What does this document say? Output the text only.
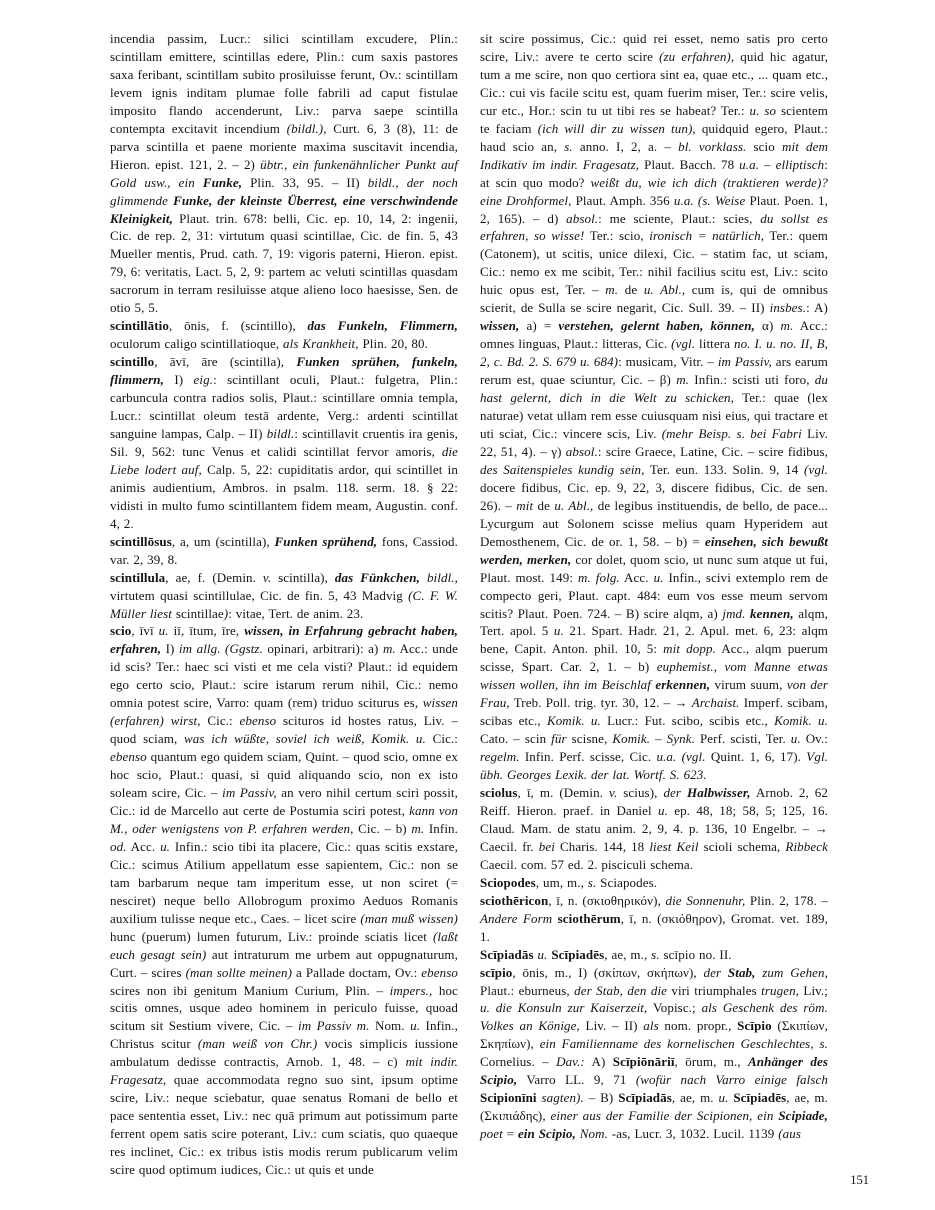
incendia passim, Lucr.: silici scintillam excudere, Plin.: scintillam emittere, scintillas edere, Plin.: cum saxis pastores saxa feribant, scintillam subito prosiluisse ferunt, Ov.: scintillam levem ignis inditam plumae folle fabrili ad caput fistulae imposito flando accenderunt, Liv.: parva saepe scintilla contempta excitavit incendium (bildl.), Curt. 6, 3 (8), 11: de parva scintilla et paene moriente maxima suscitavit incendia, Hieron. epist. 121, 2. – 2) übtr., ein funkenähnlicher Punkt auf Gold usw., ein Funke, Plin. 33, 95. – II) bildl., der noch glimmende Funke, der kleinste Überrest, eine verschwindende Kleinigkeit, Plaut. trin. 678: belli, Cic. ep. 10, 14, 2: ingenii, Cic. de rep. 2, 31: virtutum quasi scintillae, Cic. de fin. 5, 43 Mueller mentis, Prud. cath. 7, 19: vigoris paterni, Hieron. epist. 79, 6: veritatis, Lact. 5, 2, 9: partem ac veluti scintillas quasdam sacrorum in terram resiluisse atque alieno loco haesisse, Sen. de otio 5, 5.

scintillātio, ōnis, f. (scintillo), das Funkeln, Flimmern, oculorum caligo scintillatioque, als Krankheit, Plin. 20, 80.

scintillo, āvī, āre (scintilla), Funken sprühen, funkeln, flimmern, I) eig.: scintillant oculi, Plaut.: fulgetra, Plin.: carbuncula contra radios solis, Plaut.: scintillare omnia templa, Lucr.: scintillat oleum testā ardente, Verg.: ardenti scintillat sanguine lampas, Calp. – II) bildl.: scintillavit cruentis ira genis, Sil. 9, 562: tunc Venus et calidi scintillat fervor amoris, die Liebe lodert auf, Calp. 5, 22: cupiditatis ardor, qui scintillet in animis audientium, Ambros. in psalm. 118. serm. 18. § 22: vidisti in multo fumo scintillantem fidem meam, Augustin. conf. 4, 2.

scintillōsus, a, um (scintilla), Funken sprühend, fons, Cassiod. var. 2, 39, 8.

scintillula, ae, f. (Demin. v. scintilla), das Fünkchen, bildl., virtutem quasi scintillulae, Cic. de fin. 5, 43 Madvig (C. F. W. Müller liest scintillae): vitae, Tert. de anim. 23.

scio, īvī u. iī, ītum, īre, wissen, in Erfahrung gebracht haben, erfahren, I) im allg. (Ggstz. opinari, arbitrari): a) m. Acc.: unde id scis? Ter.: haec sci visti et me cela visti? Plaut.: id equidem ego certo scio, Plaut.: scire istarum rerum nihil, Cic.: nemo omnia potest scire, Varro: quam (rem) triduo sciturus es, wissen (erfahren) wirst, Cic.: ebenso scituros id hostes ratus, Liv. – quod sciam, was ich wüßte, soviel ich weiß, Komik. u. Cic.: ebenso quantum ego quidem sciam, Quint. – quod scio, omne ex hoc scio, Plaut.: quasi, si quid aliquando scio, non ex isto soleam scire, Cic. – im Passiv, an vero nihil certum sciri possit, Cic.: id de Marcello aut certe de Postumia sciri potest, kann von M., oder wenigstens von P. erfahren werden, Cic. – b) m. Infin. od. Acc. u. Infin.: scio tibi ita placere, Cic.: quas scitis exstare, Cic.: scimus Atilium appellatum esse sapientem, Cic.: non se tam barbarum neque tam imperitum esse, ut non sciret (= nesciret) neque bello Allobrogum proximo Aeduos Romanis auxilium tulisse neque etc., Caes. – licet scire (man muß wissen) hunc (puerum) lumen futurum, Liv.: proinde sciatis licet (laßt euch gesagt sein) aut intraturum me urbem aut oppugnaturum, Curt. – scires (man sollte meinen) a Pallade doctam, Ov.: ebenso scires non ibi genitum Manium Curium, Plin. – impers., hoc scitis omnes, usque adeo hominem in periculo fuisse, quoad scitum sit Sestium vivere, Cic. – im Passiv m. Nom. u. Infin., Christus scitur (man weiß von Chr.) vocis simplicis iussione ambulatum dedisse contractis, Arnob. 1, 48. – c) mit indir. Fragesatz, quae accommodata regno suo sint, ipsum optime scire, Liv.: neque sciebatur, quae senatus Romani de bello et pace sententia esset, Liv.: nec quā primum aut potissimum parte ferrent opem satis scire poterant, Liv.: cum sciatis, quo quaeque res inclinet, Cic.: ex tribus istis modis rerum publicarum velim scire quod optimum iudices, Cic.: ut quis et unde

sit scire possimus, Cic.: quid rei esset, nemo satis pro certo scire, Liv.: avere te certo scire (zu erfahren), quid hic agatur, tum a me scire, non quo certiora sint ea, quae etc., ... quam etc., Cic.: cui vis facile scitu est, quam fuerim miser, Ter.: scire velis, cur etc., Hor.: scin tu ut tibi res se habeat? Ter.: u. so scientem te faciam (ich will dir zu wissen tun), quidquid egero, Plaut.: haud scio an, s. anno. I, 2, a. – bl. vorklass. scio mit dem Indikativ im indir. Fragesatz, Plaut. Bacch. 78 u.a. – elliptisch: at scin quo modo? weißt du, wie ich dich (traktieren werde)? eine Drohformel, Plaut. Amph. 356 u.a. (s. Weise Plaut. Poen. 1, 2, 165). – d) absol.: me sciente, Plaut.: scies, du sollst es erfahren, so wisse! Ter.: scio, ironisch = natürlich, Ter.: quem (Catonem), ut scitis, unice dilexi, Cic. – statim fac, ut sciam, Cic.: nemo ex me scibit, Ter.: nihil facilius scitu est, Liv.: scito huic opus est, Ter. – m. de u. Abl., cum is, qui de omnibus scierit, de Sulla se scire negarit, Cic. Sull. 39. – II) insbes.: A) wissen, a) = verstehen, gelernt haben, können, α) m. Acc.: omnes linguas, Plaut.: litteras, Cic. (vgl. littera no. I. u. no. II, B, 2, c. Bd. 2. S. 679 u. 684): musicam, Vitr. – im Passiv, ars earum rerum est, quae sciuntur, Cic. – β) m. Infin.: scisti uti foro, du hast gelernt, dich in die Welt zu schicken, Ter.: quae (lex naturae) vetat ullam rem esse cuiusquam nisi eius, qui tractare et uti sciat, Cic.: vincere scis, Liv. (mehr Beisp. s. bei Fabri Liv. 22, 51, 4). – γ) absol.: scire Graece, Latine, Cic. – scire fidibus, des Saitenspieles kundig sein, Ter. eun. 133. Solin. 9, 14 (vgl. docere fidibus, Cic. ep. 9, 22, 3, discere fidibus, Cic. de sen. 26). – mit de u. Abl., de legibus instituendis, de bello, de pace... Lycurgum aut Solonem scisse melius quam Hyperidem aut Demosthenem, Cic. de or. 1, 58. – b) = einsehen, sich bewußt werden, merken, cor dolet, quom scio, ut nunc sum atque ut fui, Plaut. most. 149: m. folg. Acc. u. Infin., scivi extemplo rem de compecto geri, Plaut. capt. 484: eum vos esse meum servom scitis? Plaut. Poen. 724. – B) scire alqm, a) jmd. kennen, alqm, Tert. apol. 5 u. 21. Spart. Hadr. 21, 2. Apul. met. 6, 23: alqm bene, Capit. Anton. phil. 10, 5: mit dopp. Acc., alqm puerum scisse, Spart. Car. 2, 1. – b) euphemist., vom Manne etwas wissen wollen, ihn im Beischlaf erkennen, virum suum, von der Frau, Treb. Poll. trig. tyr. 30, 12. – → Archaist. Imperf. scibam, scibas etc., Komik. u. Lucr.: Fut. scibo, scibis etc., Komik. u. Cato. – scin für scisne, Komik. – Synk. Perf. scisti, Ter. u. Ov.: regelm. Infin. Perf. scisse, Cic. u.a. (vgl. Quint. 1, 6, 17). Vgl. übh. Georges Lexik. der lat. Wortf. S. 623.

sciolus, ī, m. (Demin. v. scius), der Halbwisser, Arnob. 2, 62 Reiff. Hieron. praef. in Daniel u. ep. 48, 18; 58, 5; 125, 16. Claud. Mam. de statu anim. 2, 9, 4. p. 136, 10 Engelbr. – → Caecil. fr. bei Charis. 144, 18 liest Keil scioli schema, Ribbeck Caecil. com. 57 ed. 2. pisciculi schema.

Sciopodes, um, m., s. Sciapodes.

sciothēricon, ī, n. (σκιοθηρικόν), die Sonnenuhr, Plin. 2, 178. – Andere Form sciothērum, ī, n. (σκιόθηρον), Gromat. vet. 189, 1.

Scīpiadās u. Scīpiadēs, ae, m., s. scīpio no. II.

scīpio, ōnis, m., I) (σκίπων, σκήπων), der Stab, zum Gehen, Plaut.: eburneus, der Stab, den die viri triumphales trugen, Liv.; u. die Konsuln zur Kaiserzeit, Vopisc.; als Geschenk des röm. Volkes an Könige, Liv. – II) als nom. propr., Scīpio (Σκιπίων, Σκηπίων), ein Familienname des kornelischen Geschlechtes, s. Cornelius. – Dav.: A) Scīpiōnāriī, ōrum, m., Anhänger des Scipio, Varro LL. 9, 71 (wofür nach Varro einige falsch Scipionīni sagten). – B) Scīpiadās, ae, m. u. Scīpiadēs, ae, m. (Σκιπιάδης), einer aus der Familie der Scipionen, ein Scipiade, poet = ein Scipio, Nom. -as, Lucr. 3, 1032. Lucil. 1139 (aus

151
